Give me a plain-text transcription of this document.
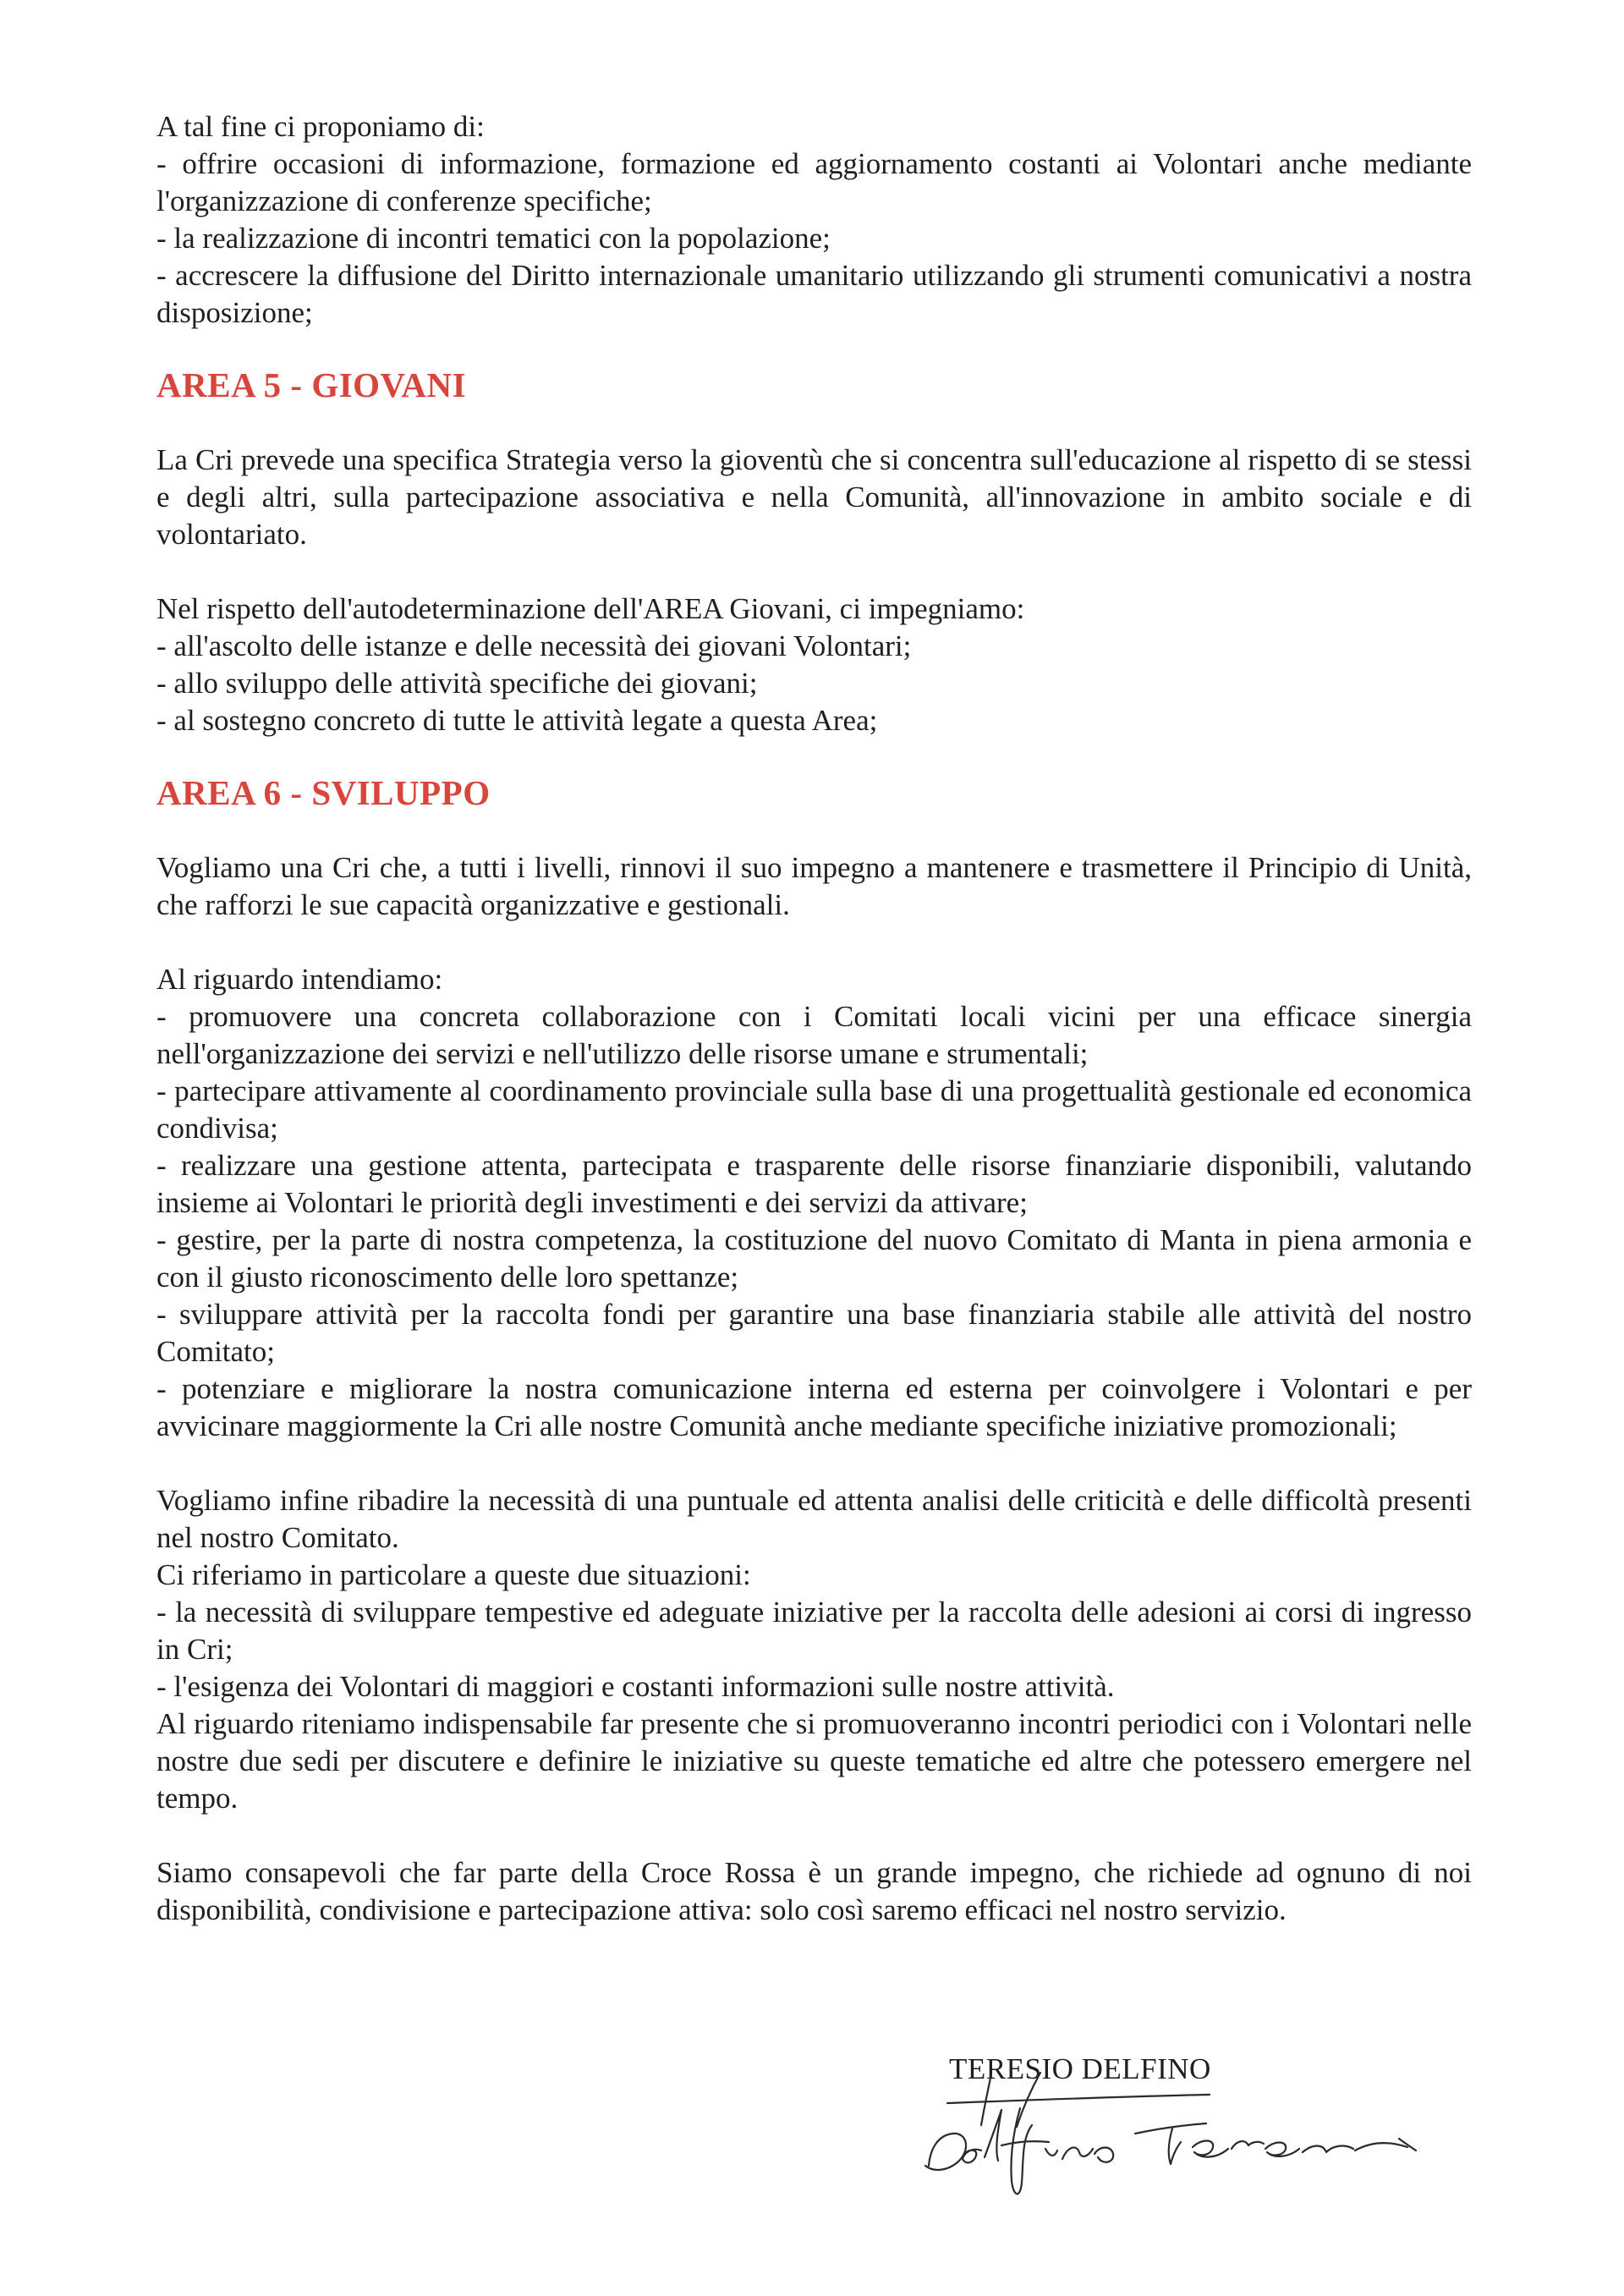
A tal fine ci proponiamo di:

- offrire occasioni di informazione, formazione ed aggiornamento costanti ai Volontari anche mediante l'organizzazione di conferenze specifiche;

- la realizzazione di incontri tematici con la popolazione;

- accrescere la diffusione del Diritto internazionale umanitario utilizzando gli strumenti comunicativi a nostra disposizione;

AREA 5 - GIOVANI

La Cri prevede una specifica Strategia verso la gioventù che si concentra sull'educazione al rispetto di se stessi e degli altri, sulla partecipazione associativa e nella Comunità, all'innovazione in ambito sociale e di volontariato.

Nel rispetto dell'autodeterminazione dell'AREA Giovani, ci impegniamo:

- all'ascolto delle istanze e delle necessità dei giovani Volontari;

- allo sviluppo delle attività specifiche dei giovani;

- al sostegno concreto di tutte le attività legate a questa Area;

AREA 6 - SVILUPPO

Vogliamo una Cri che, a tutti i livelli, rinnovi il suo impegno a mantenere e trasmettere il Principio di Unità, che rafforzi le sue capacità organizzative e gestionali.

Al riguardo intendiamo:

- promuovere una concreta collaborazione con i Comitati locali vicini per una efficace sinergia nell'organizzazione dei servizi e nell'utilizzo delle risorse umane e strumentali;

- partecipare attivamente al coordinamento provinciale sulla base di una progettualità gestionale ed economica condivisa;

- realizzare una gestione attenta, partecipata e trasparente delle risorse finanziarie disponibili, valutando insieme ai Volontari le priorità degli investimenti e dei servizi da attivare;

- gestire, per la parte di nostra competenza, la costituzione del nuovo Comitato di Manta in piena armonia e con il giusto riconoscimento delle loro spettanze;

- sviluppare attività per la raccolta fondi per garantire una base finanziaria stabile alle attività del nostro Comitato;

- potenziare e migliorare la nostra comunicazione interna ed esterna per coinvolgere i Volontari e per avvicinare maggiormente la Cri alle nostre Comunità anche mediante specifiche iniziative promozionali;

Vogliamo infine ribadire la necessità di una puntuale ed attenta analisi delle criticità e delle difficoltà presenti nel nostro Comitato.

Ci riferiamo in particolare a queste due situazioni:

- la necessità di sviluppare tempestive ed adeguate iniziative per la raccolta delle adesioni ai corsi di ingresso in Cri;

- l'esigenza dei Volontari di maggiori e costanti informazioni sulle nostre attività.

Al riguardo riteniamo indispensabile far presente che si promuoveranno incontri periodici con i Volontari nelle nostre due sedi per discutere e definire le iniziative su queste tematiche ed altre che potessero emergere nel tempo.

Siamo consapevoli che far parte della Croce Rossa è un grande impegno, che richiede ad ognuno di noi disponibilità, condivisione e partecipazione attiva: solo così saremo efficaci nel nostro servizio.

TERESIO DELFINO
